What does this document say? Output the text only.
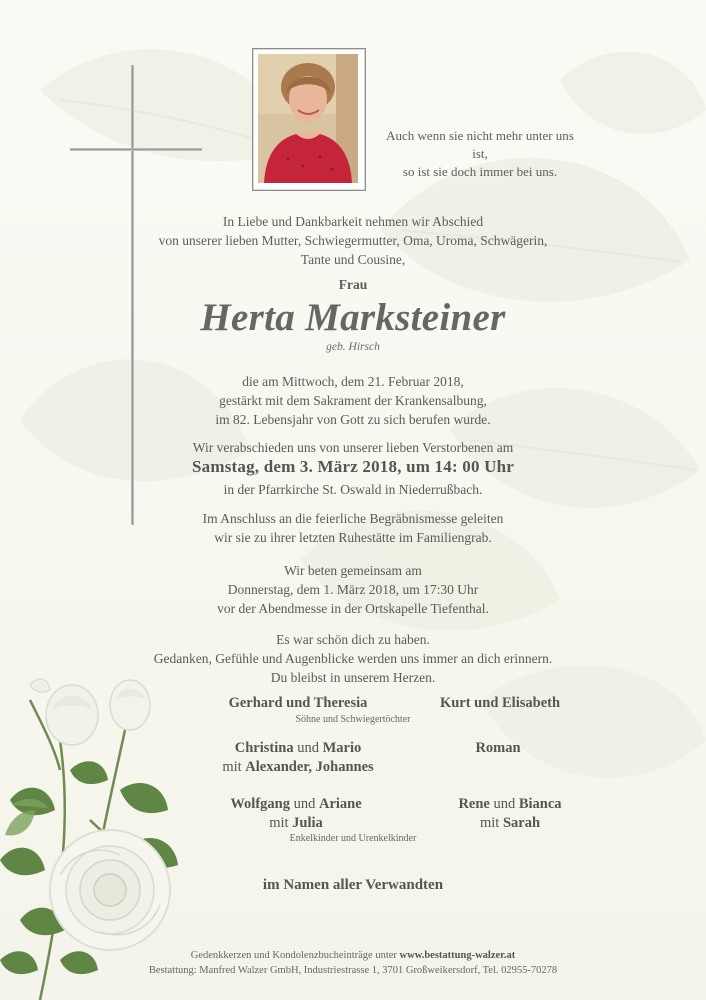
Auch wenn sie nicht mehr unter uns ist,
so ist sie doch immer bei uns.
In Liebe und Dankbarkeit nehmen wir Abschied
von unserer lieben Mutter, Schwiegermutter, Oma, Uroma, Schwägerin,
Tante und Cousine,
Frau
Herta Marksteiner
geb. Hirsch
die am Mittwoch, dem 21. Februar 2018,
gestärkt mit dem Sakrament der Krankensalbung,
im 82. Lebensjahr von Gott zu sich berufen wurde.
Wir verabschieden uns von unserer lieben Verstorbenen am
Samstag, dem 3. März 2018, um 14: 00 Uhr
in der Pfarrkirche St. Oswald in Niederrußbach.
Im Anschluss an die feierliche Begräbnismesse geleiten
wir sie zu ihrer letzten Ruhestätte im Familiengrab.
Wir beten gemeinsam am
Donnerstag, dem 1. März 2018, um 17:30 Uhr
vor der Abendmesse in der Ortskapelle Tiefenthal.
Es war schön dich zu haben.
Gedanken, Gefühle und Augenblicke werden uns immer an dich erinnern.
Du bleibst in unserem Herzen.
Gerhard und Theresia	Kurt und Elisabeth
Söhne und Schwiegertöchter
Christina und Mario
mit Alexander, Johannes
Roman
Wolfgang und Ariane
mit Julia
Rene und Bianca
mit Sarah
Enkelkinder und Urenkelkinder
im Namen aller Verwandten
Gedenkkerzen und Kondolenzbucheinträge unter www.bestattung-walzer.at
Bestattung: Manfred Walzer GmbH, Industriestrasse 1, 3701 Großweikersdorf, Tel. 02955-70278
